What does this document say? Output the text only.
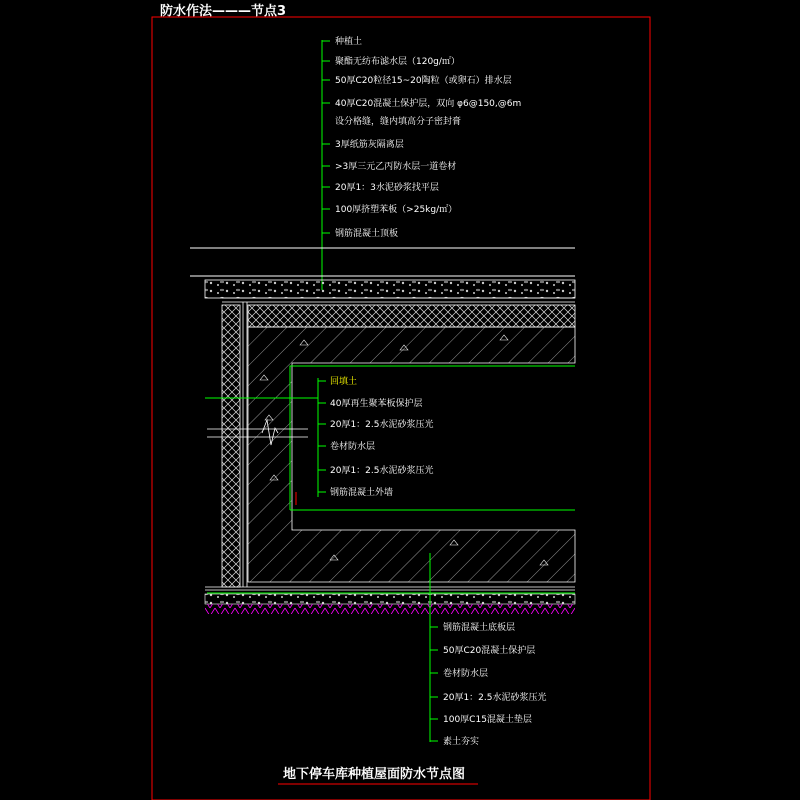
防水作法———节点3
种植土
聚酯无纺布滤水层（120g/㎡）
50厚C20粒径15~20陶粒（或卵石）排水层
40厚C20混凝土保护层，双向 φ6@150,@6m
设分格缝，缝内填高分子密封膏
3厚纸筋灰隔离层
>3厚三元乙丙防水层一道卷材
20厚1：3水泥砂浆找平层
100厚挤塑苯板（>25kg/㎡）
钢筋混凝土顶板
回填土
40厚再生聚苯板保护层
20厚1：2.5水泥砂浆压光
卷材防水层
20厚1：2.5水泥砂浆压光
钢筋混凝土外墙
钢筋混凝土底板层
50厚C20混凝土保护层
卷材防水层
20厚1：2.5水泥砂浆压光
100厚C15混凝土垫层
素土夯实
地下停车库种植屋面防水节点图
